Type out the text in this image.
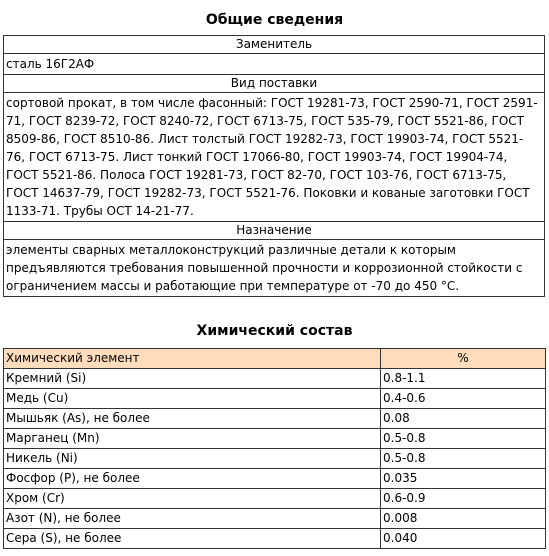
Общие сведения
Заменитель
сталь 16Г2АФ
Вид поставки
сортовой прокат, в том числе фасонный: ГОСТ 19281-73, ГОСТ 2590-71, ГОСТ 2591-71, ГОСТ 8239-72, ГОСТ 8240-72, ГОСТ 6713-75, ГОСТ 535-79, ГОСТ 5521-86, ГОСТ 8509-86, ГОСТ 8510-86. Лист толстый ГОСТ 19282-73, ГОСТ 19903-74, ГОСТ 5521-76, ГОСТ 6713-75. Лист тонкий ГОСТ 17066-80, ГОСТ 19903-74, ГОСТ 19904-74, ГОСТ 5521-86. Полоса ГОСТ 19281-73, ГОСТ 82-70, ГОСТ 103-76, ГОСТ 6713-75, ГОСТ 14637-79, ГОСТ 19282-73, ГОСТ 5521-76. Поковки и кованые заготовки ГОСТ 1133-71. Трубы ОСТ 14-21-77.
Назначение
элементы сварных металлоконструкций различные детали к которым предъявляются требования повышенной прочности и коррозионной стойкости с ограничением массы и работающие при температуре от -70 до 450 °С.
Химический состав
Химический элемент	%
Кремний (Si)	0.8-1.1
Медь (Cu)	0.4-0.6
Мышьяк (As), не более	0.08
Марганец (Mn)	0.5-0.8
Никель (Ni)	0.5-0.8
Фосфор (P), не более	0.035
Хром (Cr)	0.6-0.9
Азот (N), не более	0.008
Сера (S), не более	0.040
